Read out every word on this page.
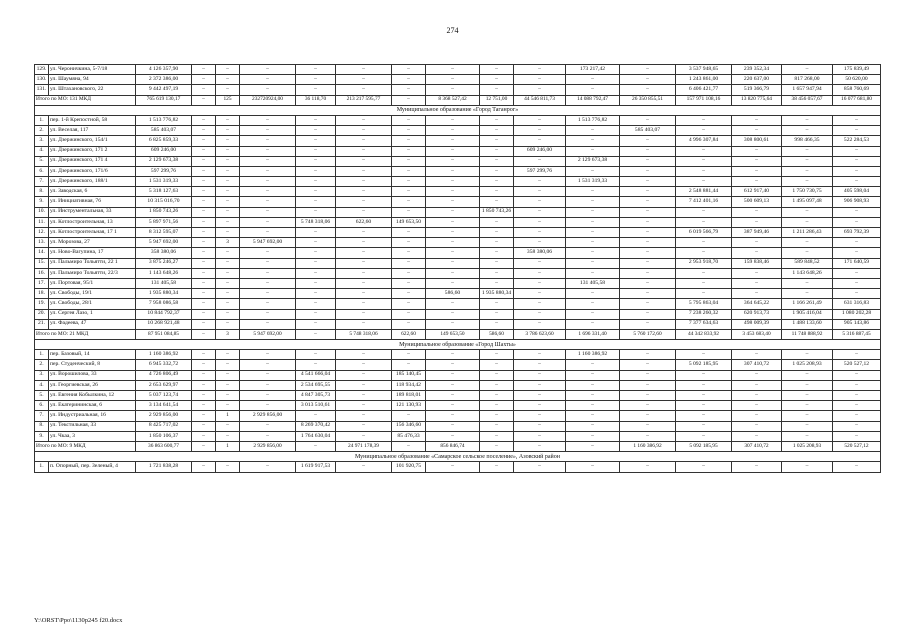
274
129.	ул. Чероничкина, 5-7/18	4 126 357,90	–	–	–	–	–	–	–	–	–	173 217,42	–	3 537 948,65	239 352,34	–	175 839,49
130.	ул. Шаумяна, 94	2 372 386,00	–	–	–	–	–	–	–	–	–	–	–	1 243 861,00	220 637,00	817 268,00	50 620,00
131.	ул. Штахановского, 22	9 442 497,19	–	–	–	–	–	–	–	–	–	–	–	6 406 421,77	519 366,79	1 657 947,94	858 760,69
Итого по МО: 131 МКД		765 619 130,17	–	125	232720924,00	36 118,70	213 217 595,77	–	8 368 527,42	12 751,00	44 546 811,73	14 088 792,47	26 350 855,51	157 971 108,16	13 820 775,64	38 456 057,67	16 077 681,80
Муниципальное образование «Город Таганрог»																	
1.	пер. 1-й Крепостной, 58	1 513 776,82	–	–	–	–	–	–	–	–	–	1 513 776,82	–	–	–	–	–
2.	ул. Веселая, 117	585 403,07	–	–	–	–	–	–	–	–	–	–	585 403,07	–	–	–	–
3.	ул. Дзержинского, 154/1	6 825 859,33	–	–	–	–	–	–	–	–	–	–	–	4 996 307,84	308 800,61	998 466,35	522 284,53
4.	ул. Дзержинского, 171 2	609 246,00	–	–	–	–	–	–	–	–	609 246,00	–	–	–	–	–	–
5.	ул. Дзержинского, 171 4	2 129 673,38	–	–	–	–	–	–	–	–	–	2 129 673,38	–	–	–	–	–
6.	ул. Дзержинского, 171/6	597 299,76	–	–	–	–	–	–	–	–	597 299,76	–	–	–	–	–	–
7.	ул. Дзержинского, 188/1	1 531 319,33	–	–	–	–	–	–	–	–	–	1 531 319,33	–	–	–	–	–
8.	ул. Заводская, 6	5 318 127,63	–	–	–	–	–	–	–	–	–	–	–	2 548 881,44	612 917,40	1 750 730,75	405 598,04
9.	ул. Инициативная, 76	10 315 016,70	–	–	–	–	–	–	–	–	–	–	–	7 412 401,16	500 609,13	1 495 097,48	906 908,93
10.	ул. Инструментальная, 33	1 850 743,26	–	–	–	–	–	–	–	1 850 743,26	–	–	–	–	–	–	–
11.	ул. Котлостроительная, 13	5 897 971,56	–	–	–	5 748 318,06	622,60	149 653,50	–	–	–	–	–	–	–	–	–
12.	ул. Котлостроительная, 17 1	8 312 595,07	–	–	–	–	–	–	–	–	–	–	–	6 019 566,79	387 949,46	1 211 286,43	693 792,39
13.	ул. Морозова, 27	5 947 692,00	–	3	5 947 692,00	–	–	–	–	–	–	–	–	–	–	–	–
14.	ул. Ново-Вагупина, 17	358 380,06	–	–	–	–	–	–	–	–	358 380,06	–	–	–	–	–	–
15.	ул. Пальмиро Тольятти, 22 1	3 875 246,27	–	–	–	–	–	–	–	–	–	–	–	2 953 918,70	159 838,46	589 848,52	171 640,59
16.	ул. Пальмиро Тольятти, 22/3	1 143 648,26	–	–	–	–	–	–	–	–	–	–	–	–	–	1 143 648,26	–
17.	ул. Портовая, 95/1	131 405,58	–	–	–	–	–	–	–	–	–	131 405,58	–	–	–	–	–
18.	ул. Свободы, 19/1	1 935 880,34	–	–	–	–	–	–	586,60	1 935 880,34	–	–	–	–	–	–	–
19.	ул. Свободы, 28/1	7 958 086,58	–	–	–	–	–	–	–	–	–	–	–	5 795 863,04	364 645,22	1 166 261,49	631 316,83
20.	ул. Сергея Лазо, 1	10 844 792,37	–	–	–	–	–	–	–	–	–	–	–	7 238 260,32	620 913,73	1 905 416,04	1 080 202,28
21.	ул. Фадеева, 47	10 268 921,48	–	–	–	–	–	–	–	–	–	–	–	7 377 634,63	498 009,39	1 488 133,60	905 143,86
Итого по МО: 21 МКД		87 951 084,85	–	3	5 947 692,00	–	5 748 318,06	622,60	149 653,50	586,60	3 786 623,60	1 696 331,40	5 760 172,60	44 342 833,92	3 453 683,40	11 748 888,92	5 316 887,45
Муниципальное образование «Город Шахты»																	
1.	пер. Базовый, 14	1 160 386,92	–	–	–	–	–	–	–	–	–	1 160 386,92	–	–	–	–	–
2.	пер. Студенческий, 8	6 945 332,72	–	–	–	–	–	–	–	–	–	–	–	5 092 185,95	307 410,72	1 025 208,93	520 527,12
3.	ул. Ворошилова, 33	4 726 806,49	–	–	–	4 541 666,04	–	185 140,45	–	–	–	–	–	–	–	–	–
4.	ул. Георгиевская, 26	2 653 629,97	–	–	–	2 534 695,55	–	118 934,42	–	–	–	–	–	–	–	–	–
5.	ул. Евгения Кобылкина, 12	5 037 123,74	–	–	–	4 847 305,73	–	189 818,01	–	–	–	–	–	–	–	–	–
6.	ул. Екатерининская, 6	3 134 641,54	–	–	–	3 013 510,61	–	121 130,93	–	–	–	–	–	–	–	–	–
7.	ул. Индустриальная, 16	2 929 856,00	–	1	2 929 856,00	–	–	–	–	–	–	–	–	–	–	–	–
8.	ул. Текстильная, 33	8 425 717,02	–	–	–	8 269 370,42	–	156 346,60	–	–	–	–	–	–	–	–	–
9.	ул. Чкаа, 3	1 850 106,37	–	–	–	1 764 630,04	–	85 476,33	–	–	–	–	–	–	–	–	–
Итого по МО: 9 МКД		36 863 600,77	–	1	2 929 856,00	–	24 971 178,39	–	856 846,74	–	–	–	1 160 386,92	5 092 185,95	307 410,72	1 025 208,93	520 527,12
Муниципальное образование «Самарское сельское поселение», Азовский район																	
1.	п. Опорный, пер. Зеленый, 4	1 721 838,28	–	–	–	1 619 917,53	–	101 920,75	–	–	–	–	–	–	–	–	–
Y:\ORST\Ppo\1130p245 f20.docx
